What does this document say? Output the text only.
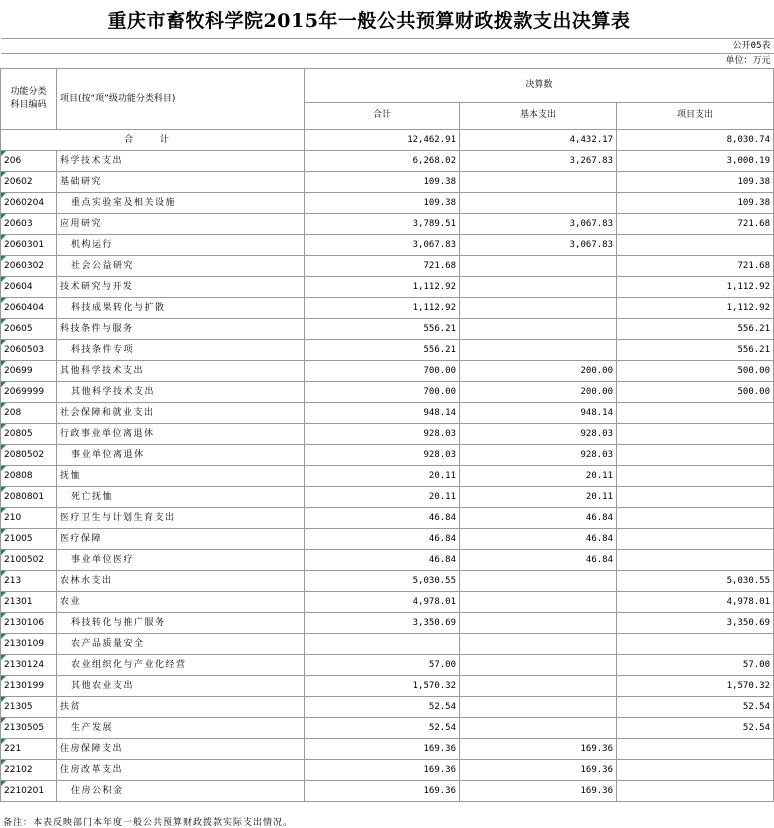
重庆市畜牧科学院2015年一般公共预算财政拨款支出决算表
				公开05表
				单位：万元
功能分类
科目编码	项目(按“项”级功能分类科目)	决算数		
		合计	基本支出	项目支出
合 计		12,462.91	4,432.17	8,030.74
206	科学技术支出	6,268.02	3,267.83	3,000.19
20602	基础研究	109.38		109.38
2060204	重点实验室及相关设施	109.38		109.38
20603	应用研究	3,789.51	3,067.83	721.68
2060301	机构运行	3,067.83	3,067.83	
2060302	社会公益研究	721.68		721.68
20604	技术研究与开发	1,112.92		1,112.92
2060404	科技成果转化与扩散	1,112.92		1,112.92
20605	科技条件与服务	556.21		556.21
2060503	科技条件专项	556.21		556.21
20699	其他科学技术支出	700.00	200.00	500.00
2069999	其他科学技术支出	700.00	200.00	500.00
208	社会保障和就业支出	948.14	948.14	
20805	行政事业单位离退休	928.03	928.03	
2080502	事业单位离退休	928.03	928.03	
20808	抚恤	20.11	20.11	
2080801	死亡抚恤	20.11	20.11	
210	医疗卫生与计划生育支出	46.84	46.84	
21005	医疗保障	46.84	46.84	
2100502	事业单位医疗	46.84	46.84	
213	农林水支出	5,030.55		5,030.55
21301	农业	4,978.01		4,978.01
2130106	科技转化与推广服务	3,350.69		3,350.69
2130109	农产品质量安全			
2130124	农业组织化与产业化经营	57.00		57.00
2130199	其他农业支出	1,570.32		1,570.32
21305	扶贫	52.54		52.54
2130505	生产发展	52.54		52.54
221	住房保障支出	169.36	169.36	
22102	住房改革支出	169.36	169.36	
2210201	住房公积金	169.36	169.36	
备注：本表反映部门本年度一般公共预算财政拨款实际支出情况。
